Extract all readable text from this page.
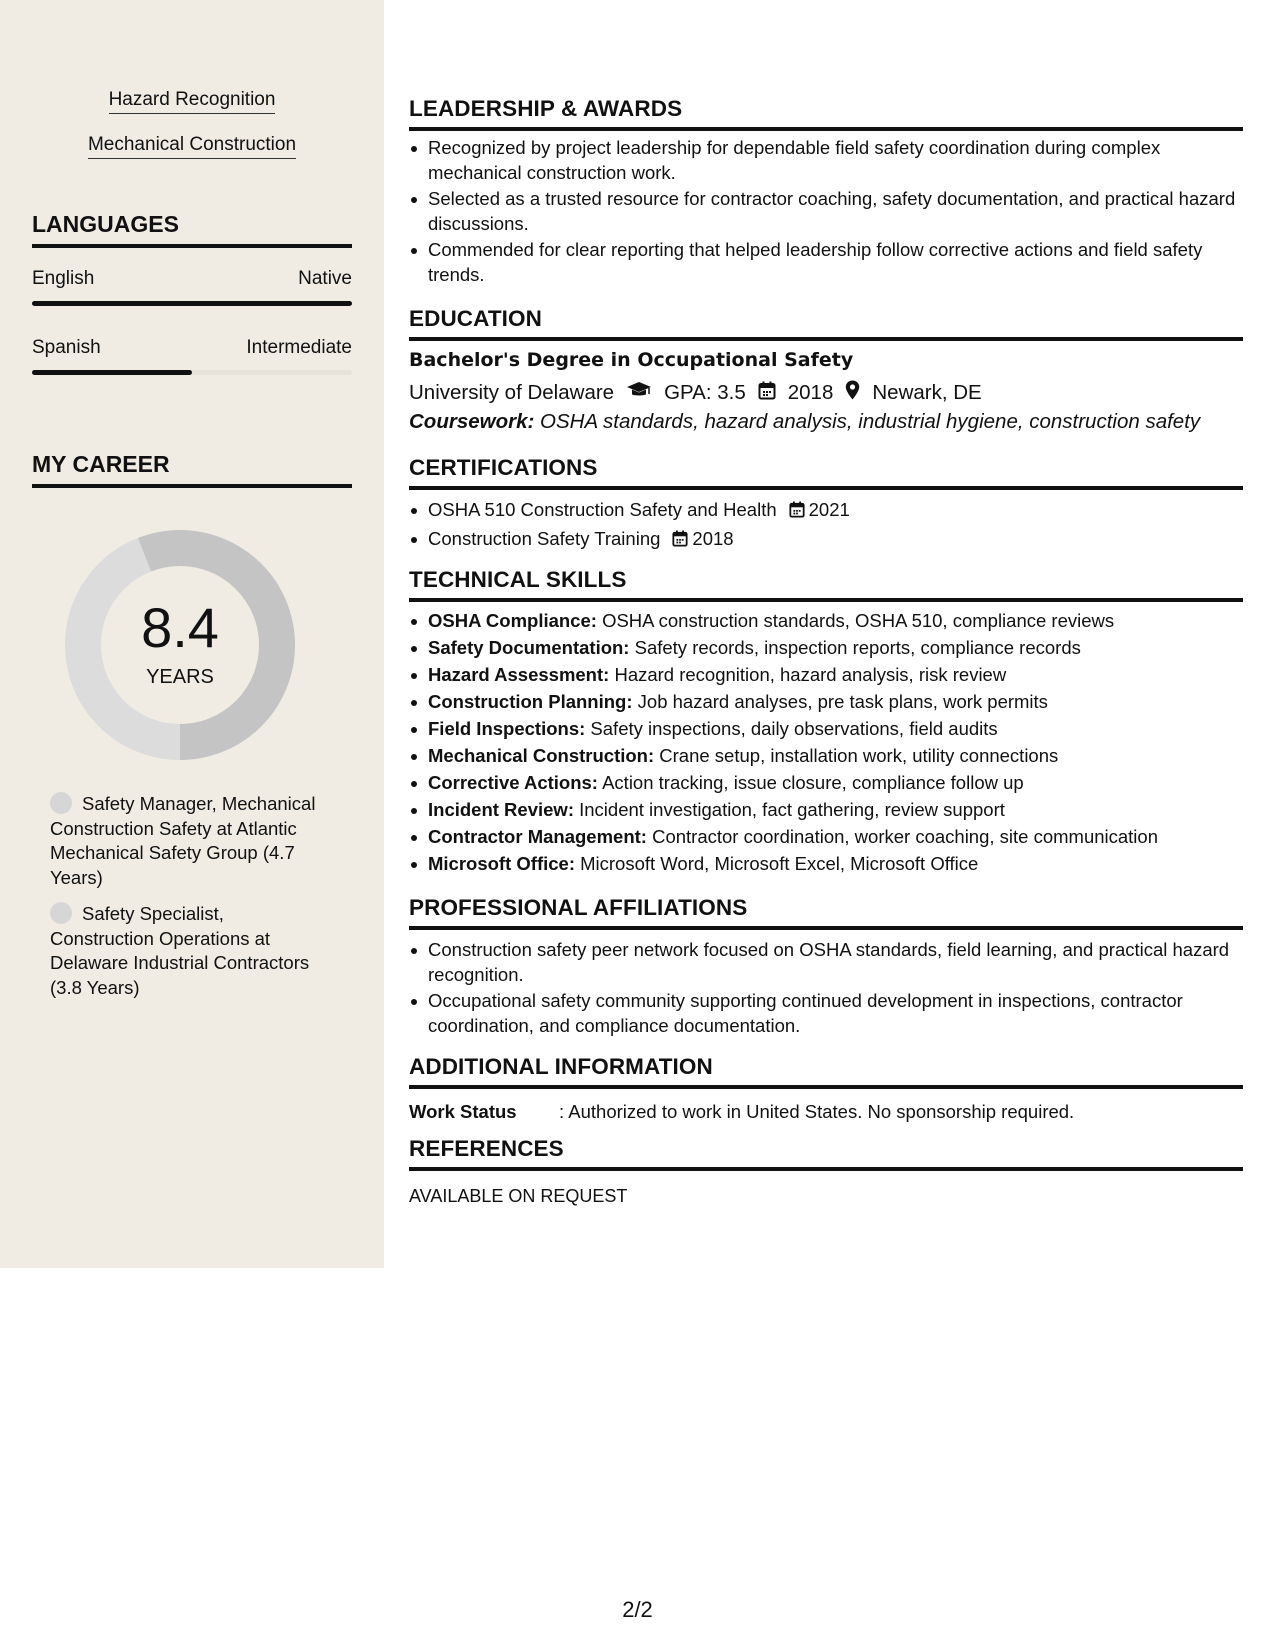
Hazard Recognition
Mechanical Construction
LANGUAGES
English	Native
Spanish	Intermediate
MY CAREER
8.4
YEARS
Safety Manager, Mechanical Construction Safety at Atlantic Mechanical Safety Group (4.7 Years)
Safety Specialist, Construction Operations at Delaware Industrial Contractors (3.8 Years)
LEADERSHIP & AWARDS
Recognized by project leadership for dependable field safety coordination during complex mechanical construction work.
Selected as a trusted resource for contractor coaching, safety documentation, and practical hazard discussions.
Commended for clear reporting that helped leadership follow corrective actions and field safety trends.
EDUCATION
Bachelor's Degree in Occupational Safety
University of Delaware GPA: 3.5 2018 Newark, DE
Coursework: OSHA standards, hazard analysis, industrial hygiene, construction safety
CERTIFICATIONS
OSHA 510 Construction Safety and Health 2021
Construction Safety Training 2018
TECHNICAL SKILLS
OSHA Compliance: OSHA construction standards, OSHA 510, compliance reviews
Safety Documentation: Safety records, inspection reports, compliance records
Hazard Assessment: Hazard recognition, hazard analysis, risk review
Construction Planning: Job hazard analyses, pre task plans, work permits
Field Inspections: Safety inspections, daily observations, field audits
Mechanical Construction: Crane setup, installation work, utility connections
Corrective Actions: Action tracking, issue closure, compliance follow up
Incident Review: Incident investigation, fact gathering, review support
Contractor Management: Contractor coordination, worker coaching, site communication
Microsoft Office: Microsoft Word, Microsoft Excel, Microsoft Office
PROFESSIONAL AFFILIATIONS
Construction safety peer network focused on OSHA standards, field learning, and practical hazard recognition.
Occupational safety community supporting continued development in inspections, contractor coordination, and compliance documentation.
ADDITIONAL INFORMATION
Work Status : Authorized to work in United States. No sponsorship required.
REFERENCES
AVAILABLE ON REQUEST
2/2
